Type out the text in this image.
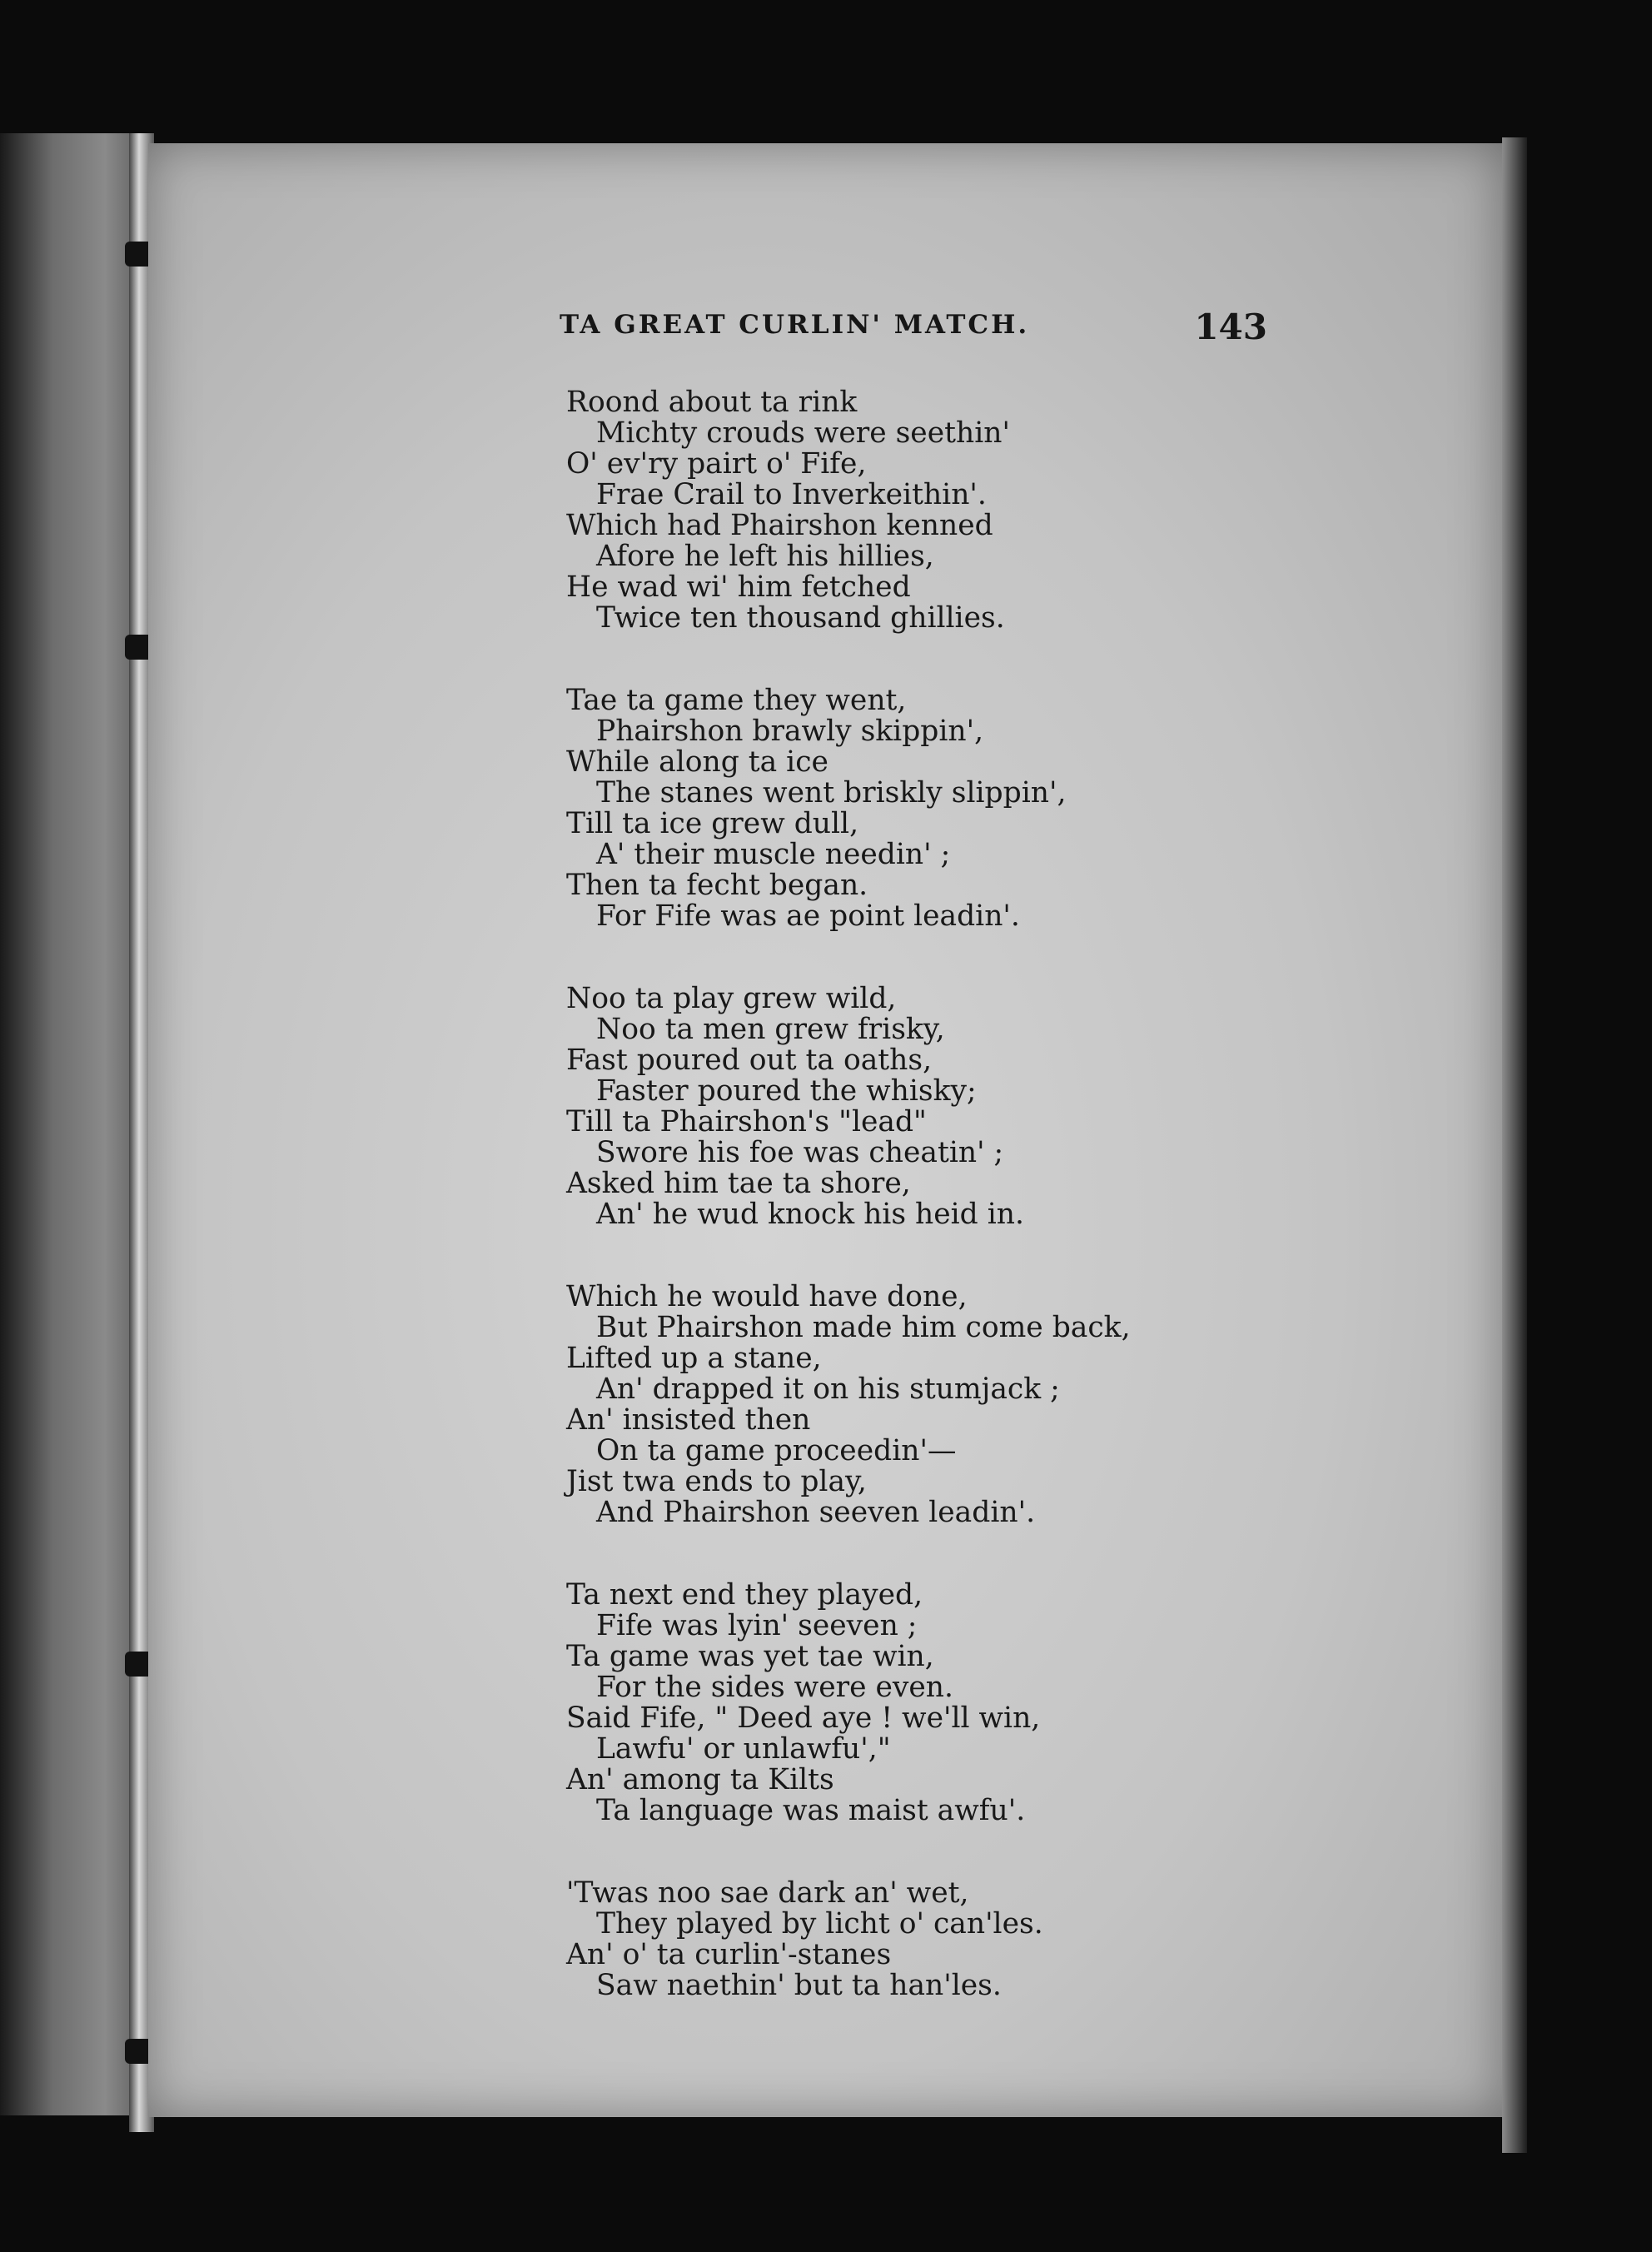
TA GREAT CURLIN' MATCH.	143
Roond about ta rink
Michty crouds were seethin'
O' ev'ry pairt o' Fife,
Frae Crail to Inverkeithin'.
Which had Phairshon kenned
Afore he left his hillies,
He wad wi' him fetched
Twice ten thousand ghillies.
Tae ta game they went,
Phairshon brawly skippin',
While along ta ice
The stanes went briskly slippin',
Till ta ice grew dull,
A' their muscle needin' ;
Then ta fecht began.
For Fife was ae point leadin'.
Noo ta play grew wild,
Noo ta men grew frisky,
Fast poured out ta oaths,
Faster poured the whisky;
Till ta Phairshon's "lead"
Swore his foe was cheatin' ;
Asked him tae ta shore,
An' he wud knock his heid in.
Which he would have done,
But Phairshon made him come back,
Lifted up a stane,
An' drapped it on his stumjack ;
An' insisted then
On ta game proceedin'—
Jist twa ends to play,
And Phairshon seeven leadin'.
Ta next end they played,
Fife was lyin' seeven ;
Ta game was yet tae win,
For the sides were even.
Said Fife, " Deed aye ! we'll win,
Lawfu' or unlawfu',"
An' among ta Kilts
Ta language was maist awfu'.
'Twas noo sae dark an' wet,
They played by licht o' can'les.
An' o' ta curlin'-stanes
Saw naethin' but ta han'les.
